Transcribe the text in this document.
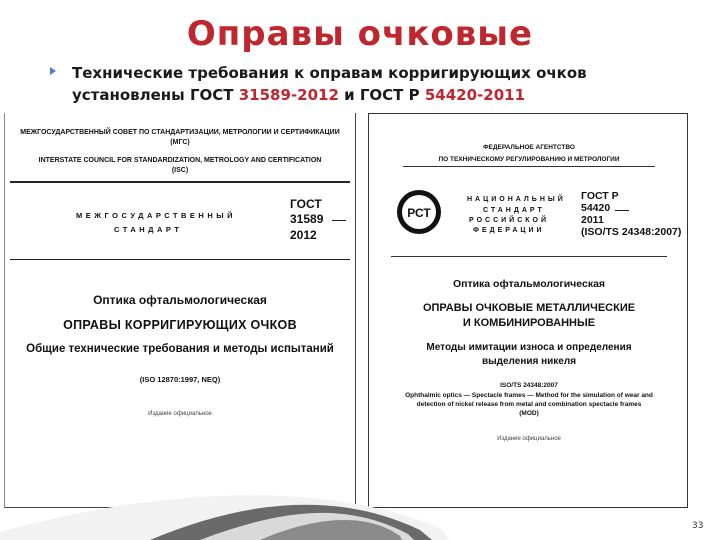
Оправы очковые
Технические требования к оправам корригирующих очков установлены ГОСТ 31589-2012 и ГОСТ Р 54420-2011
МЕЖГОСУДАРСТВЕННЫЙ СОВЕТ ПО СТАНДАРТИЗАЦИИ, МЕТРОЛОГИИ И СЕРТИФИКАЦИИ
(МГС)
INTERSTATE COUNCIL FOR STANDARDIZATION, METROLOGY AND CERTIFICATION
(ISC)
МЕЖГОСУДАРСТВЕННЫЙ
СТАНДАРТ
ГОСТ
31589
2012
Оптика офтальмологическая
ОПРАВЫ КОРРИГИРУЮЩИХ ОЧКОВ
Общие технические требования и методы испытаний
(ISO 12870:1997, NEQ)
Издание официальное
ФЕДЕРАЛЬНОЕ АГЕНТСТВО
ПО ТЕХНИЧЕСКОМУ РЕГУЛИРОВАНИЮ И МЕТРОЛОГИИ
РСТ
НАЦИОНАЛЬНЫЙ
СТАНДАРТ
РОССИЙСКОЙ
ФЕДЕРАЦИИ
ГОСТ Р
54420
2011
(ISO/TS 24348:2007)
Оптика офтальмологическая
ОПРАВЫ ОЧКОВЫЕ МЕТАЛЛИЧЕСКИЕ
И КОМБИНИРОВАННЫЕ
Методы имитации износа и определения
выделения никеля
ISO/TS 24348:2007
Ophthalmic optics — Spectacle frames — Method for the simulation of wear and
detection of nickel release from metal and combination spectacle frames
(MOD)
Издание официальное
33
